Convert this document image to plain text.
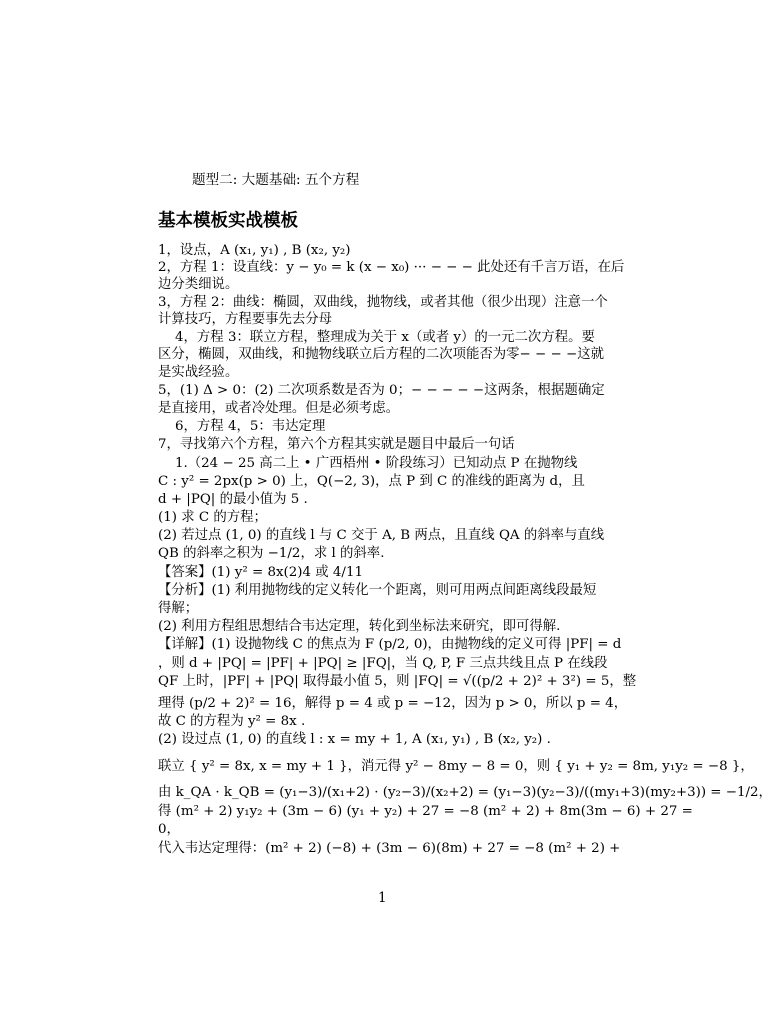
题型二: 大题基础: 五个方程
基本模板实战模板
1，设点，A (x₁, y₁) , B (x₂, y₂)
2，方程 1：设直线：y − y₀ = k (x − x₀) ··· − − − 此处还有千言万语，在后
边分类细说。
3，方程 2：曲线：椭圆，双曲线，抛物线，或者其他（很少出现）注意一个
计算技巧，方程要事先去分母
4，方程 3：联立方程，整理成为关于 x（或者 y）的一元二次方程。要
区分，椭圆，双曲线，和抛物线联立后方程的二次项能否为零− − − −这就
是实战经验。
5，(1) Δ > 0：(2) 二次项系数是否为 0；− − − − −这两条，根据题确定
是直接用，或者冷处理。但是必须考虑。
6，方程 4，5：韦达定理
7，寻找第六个方程，第六个方程其实就是题目中最后一句话
1.（24 − 25 高二上 • 广西梧州 • 阶段练习）已知动点 P 在抛物线
C : y² = 2px(p > 0) 上，Q(−2, 3)，点 P 到 C 的准线的距离为 d，且
d + |PQ| 的最小值为 5 .
(1) 求 C 的方程；
(2) 若过点 (1, 0) 的直线 l 与 C 交于 A, B 两点，且直线 QA 的斜率与直线
QB 的斜率之积为 −1/2，求 l 的斜率.
【答案】(1) y² = 8x(2)4 或 4/11
【分析】(1) 利用抛物线的定义转化一个距离，则可用两点间距离线段最短
得解；
(2) 利用方程组思想结合韦达定理，转化到坐标法来研究，即可得解.
【详解】(1) 设抛物线 C 的焦点为 F (p/2, 0)，由抛物线的定义可得 |PF| = d
，则 d + |PQ| = |PF| + |PQ| ≥ |FQ|，当 Q, P, F 三点共线且点 P 在线段
QF 上时，|PF| + |PQ| 取得最小值 5，则 |FQ| = √((p/2 + 2)² + 3²) = 5，整
理得 (p/2 + 2)² = 16，解得 p = 4 或 p = −12，因为 p > 0，所以 p = 4，
故 C 的方程为 y² = 8x .
(2) 设过点 (1, 0) 的直线 l : x = my + 1, A (x₁, y₁) , B (x₂, y₂) .
联立 { y² = 8x, x = my + 1 }，消元得 y² − 8my − 8 = 0，则 { y₁ + y₂ = 8m, y₁y₂ = −8 }，
由 k_QA · k_QB = (y₁−3)/(x₁+2) · (y₂−3)/(x₂+2) = (y₁−3)(y₂−3)/((my₁+3)(my₂+3)) = −1/2，
得 (m² + 2) y₁y₂ + (3m − 6) (y₁ + y₂) + 27 = −8 (m² + 2) + 8m(3m − 6) + 27 =
0，
代入韦达定理得：(m² + 2) (−8) + (3m − 6)(8m) + 27 = −8 (m² + 2) +
1
